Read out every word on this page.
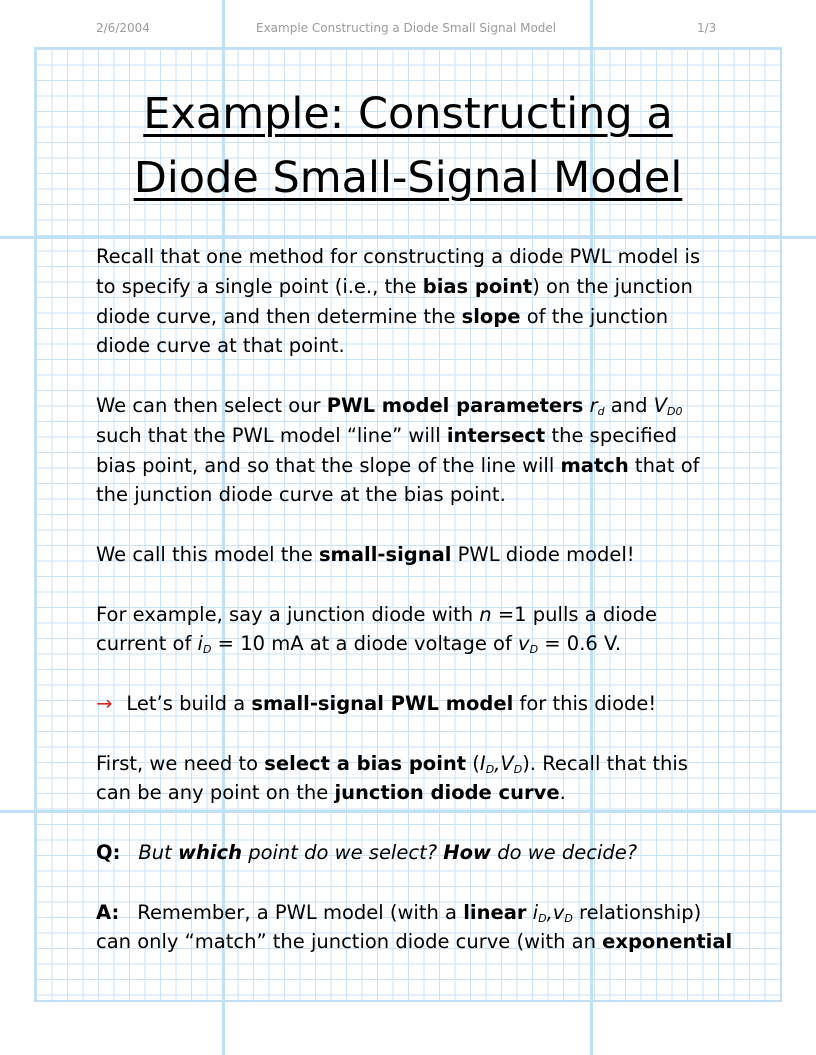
2/6/2004	Example Constructing a Diode Small Signal Model	1/3
Example: Constructing a
Diode Small-Signal Model

Recall that one method for constructing a diode PWL model is
to specify a single point (i.e., the bias point) on the junction
diode curve, and then determine the slope of the junction
diode curve at that point.

We can then select our PWL model parameters $r_d$ and $V_{D0}$
such that the PWL model “line” will intersect the specified
bias point, and so that the slope of the line will match that of
the junction diode curve at the bias point.

We call this model the small-signal PWL diode model!

For example, say a junction diode with n =1 pulls a diode
current of $i_D = 10$ mA at a diode voltage of $v_D = 0.6$ V.

→ Let’s build a small-signal PWL model for this diode!

First, we need to select a bias point $(I_D,V_D)$. Recall that this
can be any point on the junction diode curve.

Q: But which point do we select? How do we decide?

A: Remember, a PWL model (with a linear $i_D,v_D$ relationship)
can only “match” the junction diode curve (with an exponential
